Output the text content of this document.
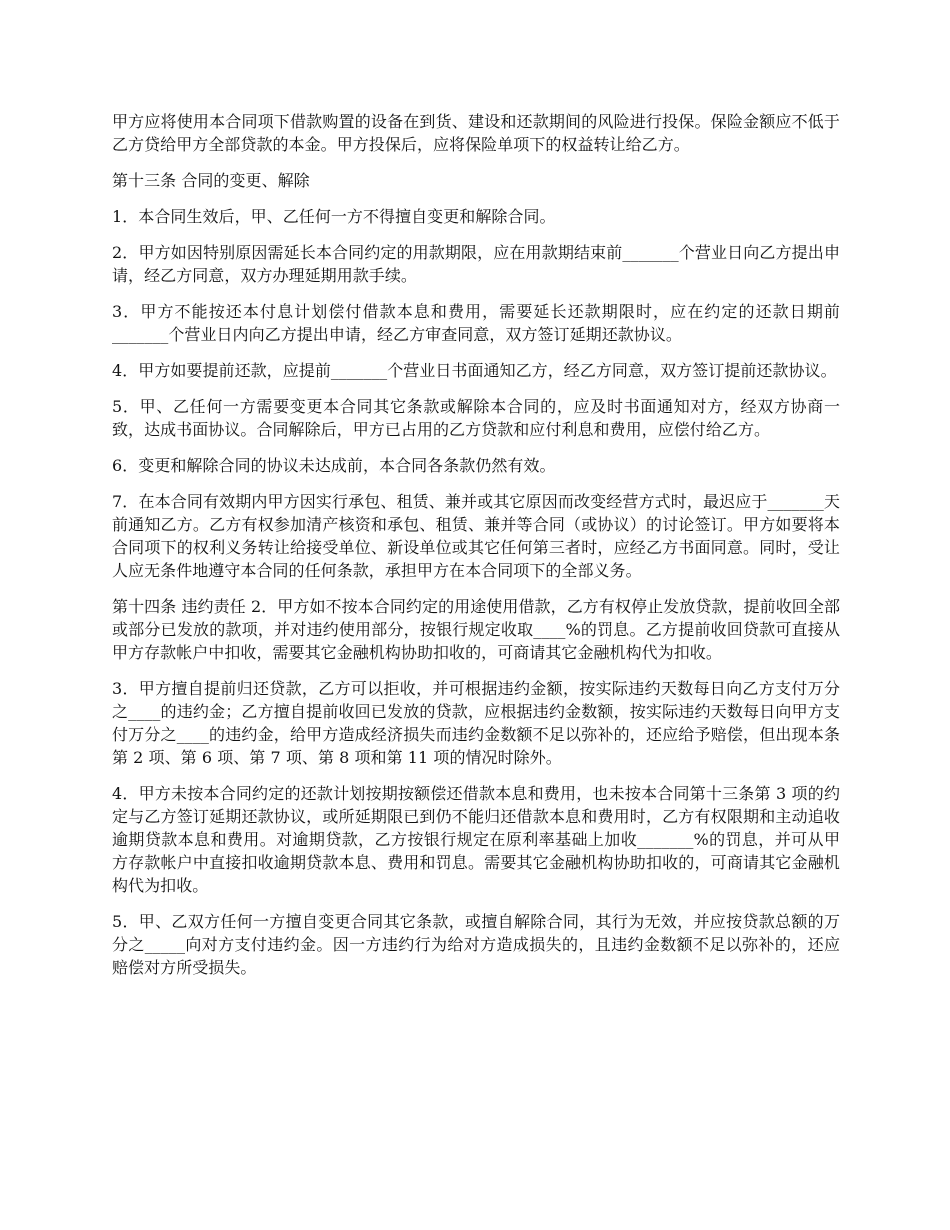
甲方应将使用本合同项下借款购置的设备在到货、建设和还款期间的风险进行投保。保险金额应不低于乙方贷给甲方全部贷款的本金。甲方投保后，应将保险单项下的权益转让给乙方。

第十三条 合同的变更、解除

1．本合同生效后，甲、乙任何一方不得擅自变更和解除合同。

2．甲方如因特别原因需延长本合同约定的用款期限，应在用款期结束前_______个营业日向乙方提出申请，经乙方同意，双方办理延期用款手续。

3．甲方不能按还本付息计划偿付借款本息和费用，需要延长还款期限时，应在约定的还款日期前_______个营业日内向乙方提出申请，经乙方审查同意，双方签订延期还款协议。

4．甲方如要提前还款，应提前_______个营业日书面通知乙方，经乙方同意，双方签订提前还款协议。

5．甲、乙任何一方需要变更本合同其它条款或解除本合同的，应及时书面通知对方，经双方协商一致，达成书面协议。合同解除后，甲方已占用的乙方贷款和应付利息和费用，应偿付给乙方。

6．变更和解除合同的协议未达成前，本合同各条款仍然有效。

7．在本合同有效期内甲方因实行承包、租赁、兼并或其它原因而改变经营方式时，最迟应于_______天前通知乙方。乙方有权参加清产核资和承包、租赁、兼并等合同（或协议）的讨论签订。甲方如要将本合同项下的权利义务转让给接受单位、新设单位或其它任何第三者时，应经乙方书面同意。同时，受让人应无条件地遵守本合同的任何条款，承担甲方在本合同项下的全部义务。

第十四条 违约责任 2．甲方如不按本合同约定的用途使用借款，乙方有权停止发放贷款，提前收回全部或部分已发放的款项，并对违约使用部分，按银行规定收取____%的罚息。乙方提前收回贷款可直接从甲方存款帐户中扣收，需要其它金融机构协助扣收的，可商请其它金融机构代为扣收。

3．甲方擅自提前归还贷款，乙方可以拒收，并可根据违约金额，按实际违约天数每日向乙方支付万分之____的违约金；乙方擅自提前收回已发放的贷款，应根据违约金数额，按实际违约天数每日向甲方支付万分之____的违约金，给甲方造成经济损失而违约金数额不足以弥补的，还应给予赔偿，但出现本条第 2 项、第 6 项、第 7 项、第 8 项和第 11 项的情况时除外。

4．甲方未按本合同约定的还款计划按期按额偿还借款本息和费用，也未按本合同第十三条第 3 项的约定与乙方签订延期还款协议，或所延期限已到仍不能归还借款本息和费用时，乙方有权限期和主动追收逾期贷款本息和费用。对逾期贷款，乙方按银行规定在原利率基础上加收_______%的罚息，并可从甲方存款帐户中直接扣收逾期贷款本息、费用和罚息。需要其它金融机构协助扣收的，可商请其它金融机构代为扣收。

5．甲、乙双方任何一方擅自变更合同其它条款，或擅自解除合同，其行为无效，并应按贷款总额的万分之_____向对方支付违约金。因一方违约行为给对方造成损失的，且违约金数额不足以弥补的，还应赔偿对方所受损失。
